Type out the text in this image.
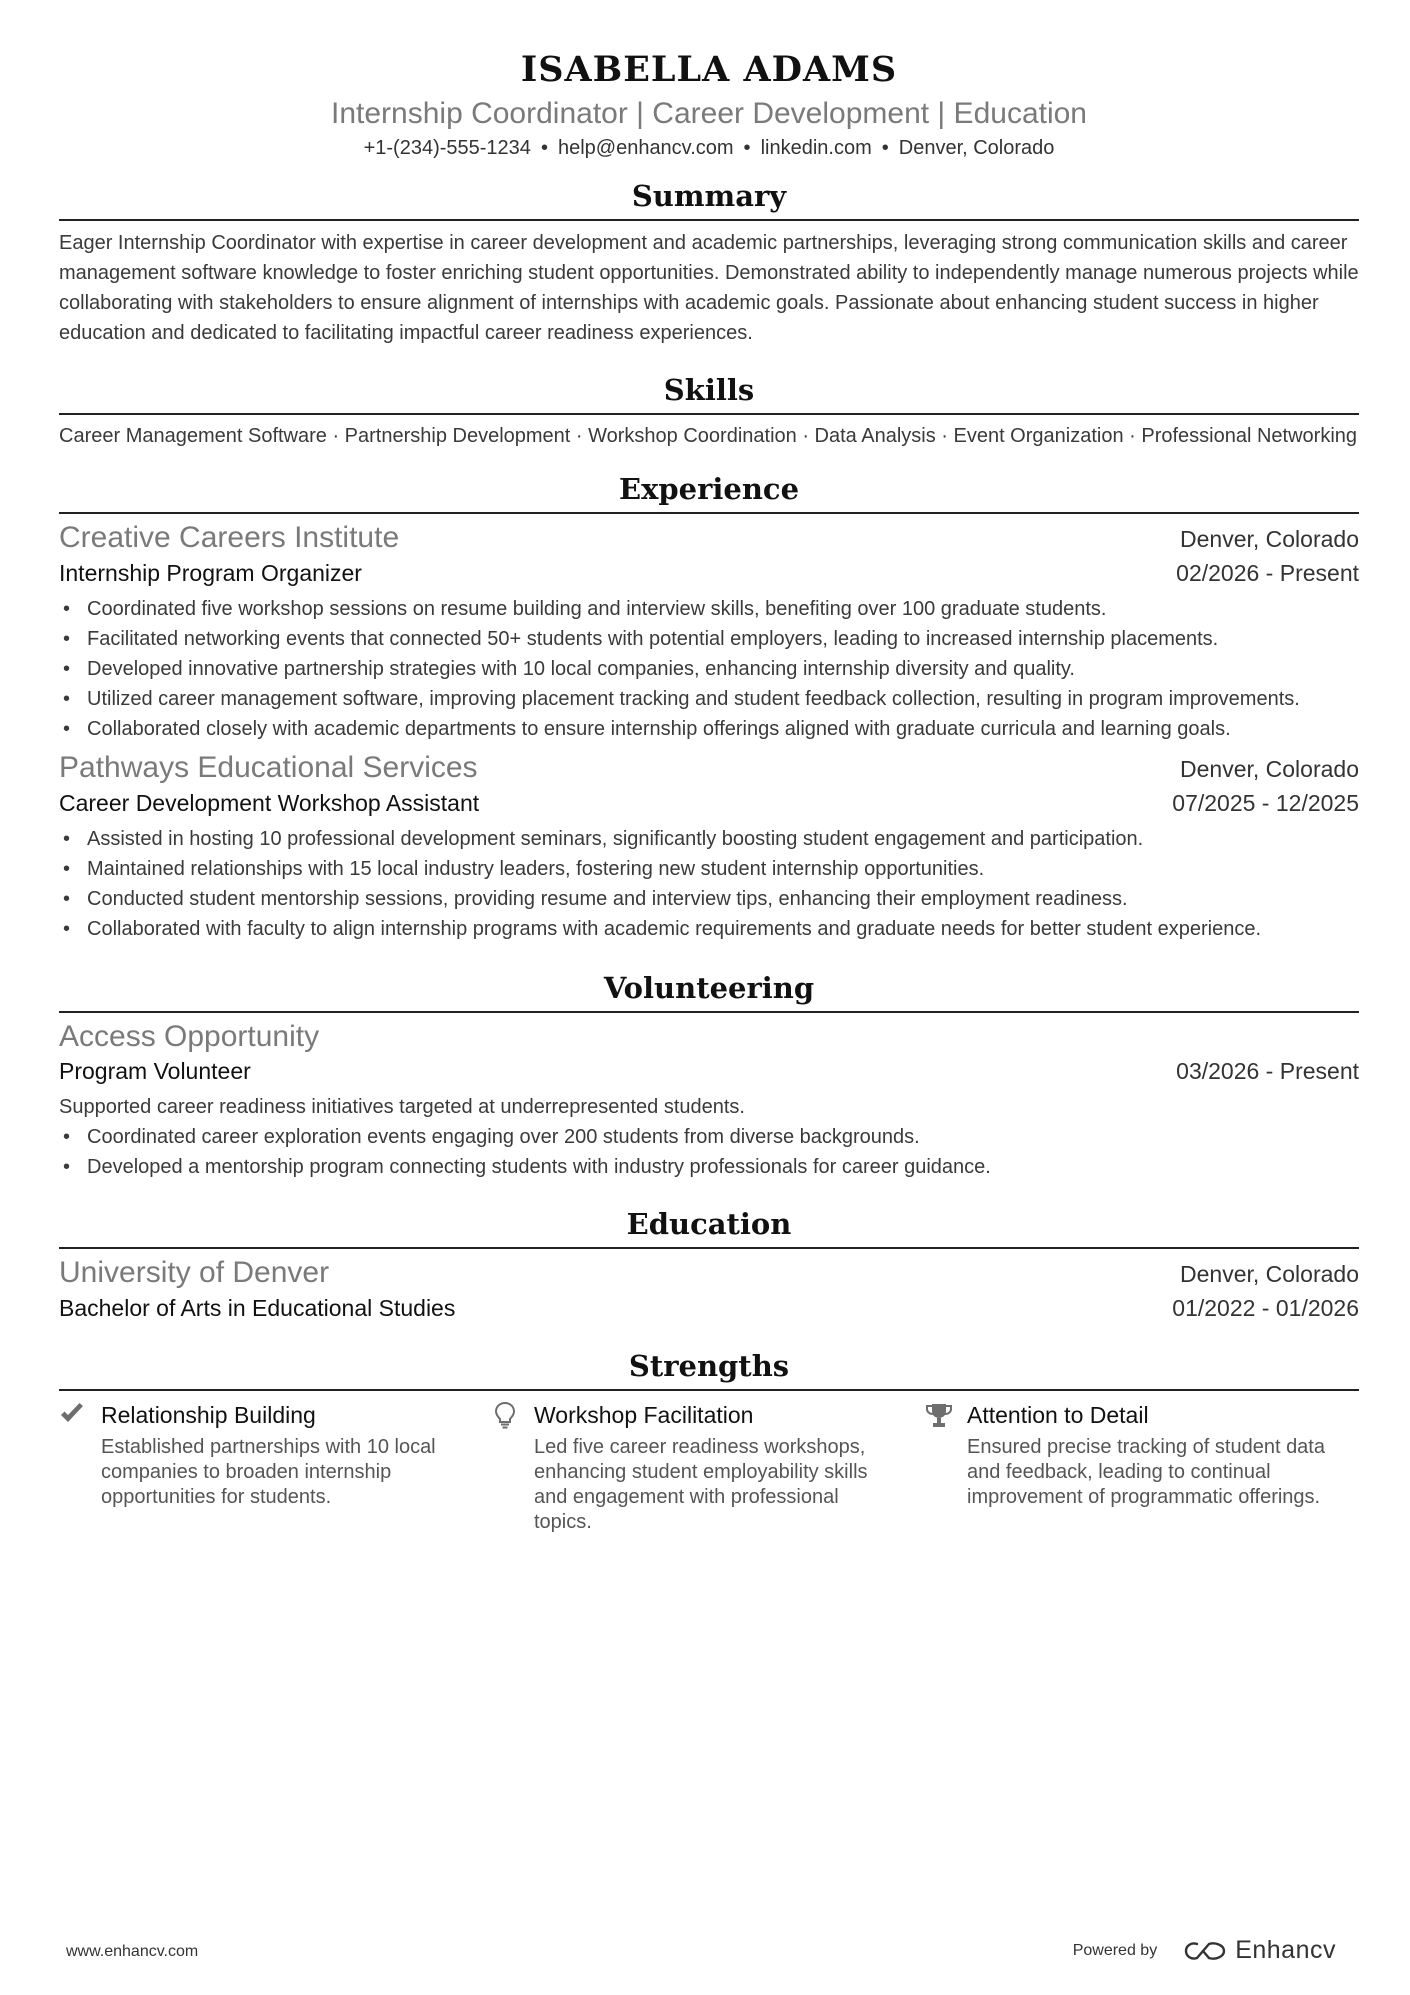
ISABELLA ADAMS
Internship Coordinator | Career Development | Education
+1-(234)-555-1234 • help@enhancv.com • linkedin.com • Denver, Colorado
Summary
Eager Internship Coordinator with expertise in career development and academic partnerships, leveraging strong communication skills and career management software knowledge to foster enriching student opportunities. Demonstrated ability to independently manage numerous projects while collaborating with stakeholders to ensure alignment of internships with academic goals. Passionate about enhancing student success in higher education and dedicated to facilitating impactful career readiness experiences.
Skills
Career Management Software · Partnership Development · Workshop Coordination · Data Analysis · Event Organization · Professional Networking
Experience
Creative Careers Institute	Denver, Colorado
Internship Program Organizer	02/2026 - Present
• Coordinated five workshop sessions on resume building and interview skills, benefiting over 100 graduate students.
• Facilitated networking events that connected 50+ students with potential employers, leading to increased internship placements.
• Developed innovative partnership strategies with 10 local companies, enhancing internship diversity and quality.
• Utilized career management software, improving placement tracking and student feedback collection, resulting in program improvements.
• Collaborated closely with academic departments to ensure internship offerings aligned with graduate curricula and learning goals.
Pathways Educational Services	Denver, Colorado
Career Development Workshop Assistant	07/2025 - 12/2025
• Assisted in hosting 10 professional development seminars, significantly boosting student engagement and participation.
• Maintained relationships with 15 local industry leaders, fostering new student internship opportunities.
• Conducted student mentorship sessions, providing resume and interview tips, enhancing their employment readiness.
• Collaborated with faculty to align internship programs with academic requirements and graduate needs for better student experience.
Volunteering
Access Opportunity
Program Volunteer	03/2026 - Present
Supported career readiness initiatives targeted at underrepresented students.
• Coordinated career exploration events engaging over 200 students from diverse backgrounds.
• Developed a mentorship program connecting students with industry professionals for career guidance.
Education
University of Denver	Denver, Colorado
Bachelor of Arts in Educational Studies	01/2022 - 01/2026
Strengths
Relationship Building
Established partnerships with 10 local companies to broaden internship opportunities for students.
Workshop Facilitation
Led five career readiness workshops, enhancing student employability skills and engagement with professional topics.
Attention to Detail
Ensured precise tracking of student data and feedback, leading to continual improvement of programmatic offerings.
www.enhancv.com	Powered by	Enhancv
